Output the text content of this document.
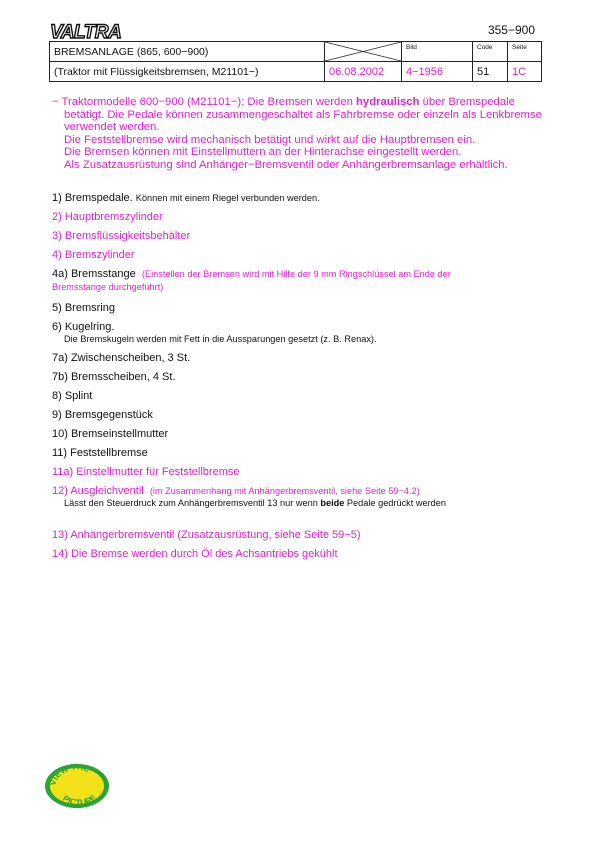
VALTRA	355−900
BREMSANLAGE (865, 600−900)		Bild	Code	Seite
(Traktor mit Flüssigkeitsbremsen, M21101−)	06.08.2002	4−1956	51	1C

− Traktormodelle 600−900 (M21101−): Die Bremsen werden hydraulisch über Bremspedale betätigt. Die Pedale können zusammengeschaltet als Fahrbremse oder einzeln als Lenkbremse verwendet werden.

Die Feststellbremse wird mechanisch betätigt und wirkt auf die Hauptbremsen ein.

Die Bremsen können mit Einstellmuttern an der Hinterachse eingestellt werden.

Als Zusatzausrüstung sind Anhänger−Bremsventil oder Anhängerbremsanlage erhältlich.

1) Bremspedale. Können mit einem Riegel verbunden werden.
2) Hauptbremszylinder
3) Bremsflüssigkeitsbehälter
4) Bremszylinder
4a) Bremsstange (Einstellen der Bremsen wird mit Hilfe der 9 mm Ringschlüssel am Ende der
Bremsstange durchgeführt)
5) Bremsring
6) Kugelring.
Die Bremskugeln werden mit Fett in die Aussparungen gesetzt (z. B. Renax).
7a) Zwischenscheiben, 3 St.
7b) Bremsscheiben, 4 St.
8) Splint
9) Bremsgegenstück
10) Bremseinstellmutter
11) Feststellbremse
11a) Einstellmutter für Feststellbremse
12) Ausgleichventil (im Zusammenhang mit Anhängerbremsventil, siehe Seite 59−4.2)
Lässt den Steuerdruck zum Anhängerbremsventil 13 nur wenn beide Pedale gedrückt werden
13) Anhängerbremsventil (Zusatzausrüstung, siehe Seite 59−5)
14) Die Bremse werden durch Öl des Achsantriebs gekühlt
VIEW THE
PICTURE
